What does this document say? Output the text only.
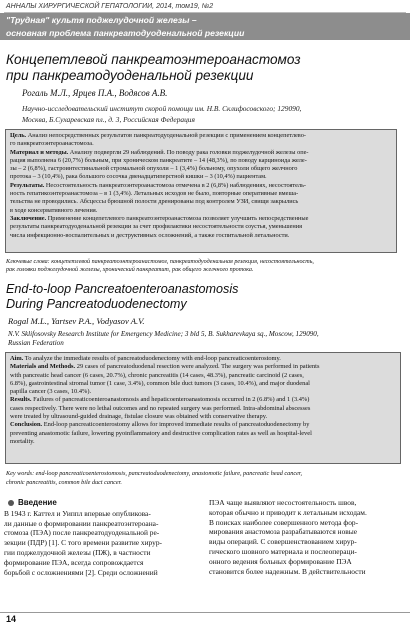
АННАЛЫ ХИРУРГИЧЕСКОЙ ГЕПАТОЛОГИИ, 2014, том19, №2
"Трудная" культя поджелудочной железы –
основная проблема панкреатодуоденальной резекции
Концепетлевой панкреатоэнтероанастомоз
при панкреатодуоденальной резекции
Рогаль М.Л., Ярцев П.А., Водясов А.В.
Научно-исследовательский институт скорой помощи им. Н.В. Склифосовского; 129090,
Москва, Б.Сухаревская пл., д. 3, Российская Федерация
Цель. Анализ непосредственных результатов панкреатодуоденальной резекции с применением концепетлево-
го панкреатоэнтероанастомоза.
Материал и методы. Анализу подвергли 29 наблюдений. По поводу рака головки поджелудочной железы опе-
рация выполнена 6 (20,7%) больным, при хроническом панкреатите – 14 (48,3%), по поводу карциноида желе-
зы – 2 (6,8%), гастроинтестинальной стромальной опухоли – 1 (3,4%) больному, опухоли общего желчного
протока – 3 (10,4%), рака большого сосочка двенадцатиперстной кишки – 3 (10,4%) пациентам.
Результаты. Несостоятельность панкреатоэнтероанастомоза отмечена в 2 (6,8%) наблюдениях, несостоятель-
ность гепатикоэнтероанастомоза – в 1 (3,4%). Летальных исходов не было, повторные оперативные вмеша-
тельства не проводились. Абсцессы брюшной полости дренированы под контролем УЗИ, свищи закрылись
в ходе консервативного лечения.
Заключение. Применение концепетлевого панкреатоэнтероанастомоза позволяет улучшить непосредственные
результаты панкреатодуоденальной резекции за счет профилактики несостоятельности соустья, уменьшения
числа инфекционно-воспалительных и деструктивных осложнений, а также госпитальной летальности.
Ключевые слова: концепетлевой панкреатоэнтероанастомоз, панкреатодуоденальная резекция, несостоятельность,
рак головки поджелудочной железы, хронический панкреатит, рак общего желчного протока.
End-to-loop Pancreatoenteroanastomosis
During Pancreatoduodenectomy
Rogal M.L., Yartsev P.A., Vodyasov A.V.
N.V. Sklifosovsky Research Institute for Emergency Medicine; 3 bld 5, B. Sukharevkaya sq., Moscow, 129090,
Russian Federation
Aim. To analyze the immediate results of pancreatoduodenectomy with end-loop pancreaticoenterostomy.
Materials and Methods. 29 cases of pancreatoduodenal resection were analyzed. The surgery was performed in patients
with pancreatic head cancer (6 cases, 20.7%), chronic pancreatitis (14 cases, 48.3%), pancreatic carcinoid (2 cases,
6.8%), gastrointestinal stromal tumor (1 case, 3.4%), common bile duct tumors (3 cases, 10.4%), and major duodenal
papilla cancer (3 cases, 10.4%).
Results. Failures of pancreaticoenteroanastomosis and hepaticoenteroanastomosis occurred in 2 (6.8%) and 1 (3.4%)
cases respectively. There were no lethal outcomes and no repeated surgery was performed. Intra-abdominal abscesses
were treated by ultrasound-guided drainage, fistulae closure was obtained with conservative therapy.
Conclusion. End-loop pancreaticoenterostomy allows for improved immediate results of pancreatoduodenectomy by
preventing anastomotic failure, lowering pyoinflammatory and destructive complication rates as well as hospital-level
mortality.
Key words: end-loop pancreaticoenterostomosis, pancreatoduodenectomy, anastomotic failure, pancreatic head cancer,
chronic pancreatitis, common bile duct cancer.
Введение
В 1943 г. Каттел и Уиппл впервые опубликова-
ли данные о формировании панкреатоэнтероана-
стомоза (ПЭА) после панкреатодуоденальной ре-
зекции (ПДР) [1]. С того времени развитие хирур-
гии поджелудочной железы (ПЖ), в частности
формирование ПЭА, всегда сопровождается
борьбой с осложнениями [2]. Среди осложнений
ПЭА чаще выявляют несостоятельность швов,
которая обычно и приводит к летальным исходам.
В поисках наиболее совершенного метода фор-
мирования анастомоза разрабатываются новые
виды операций. С совершенствованием хирур-
гического шовного материала и послеопераци-
онного ведения больных формирование ПЭА
становится более надежным. В действительности
14
